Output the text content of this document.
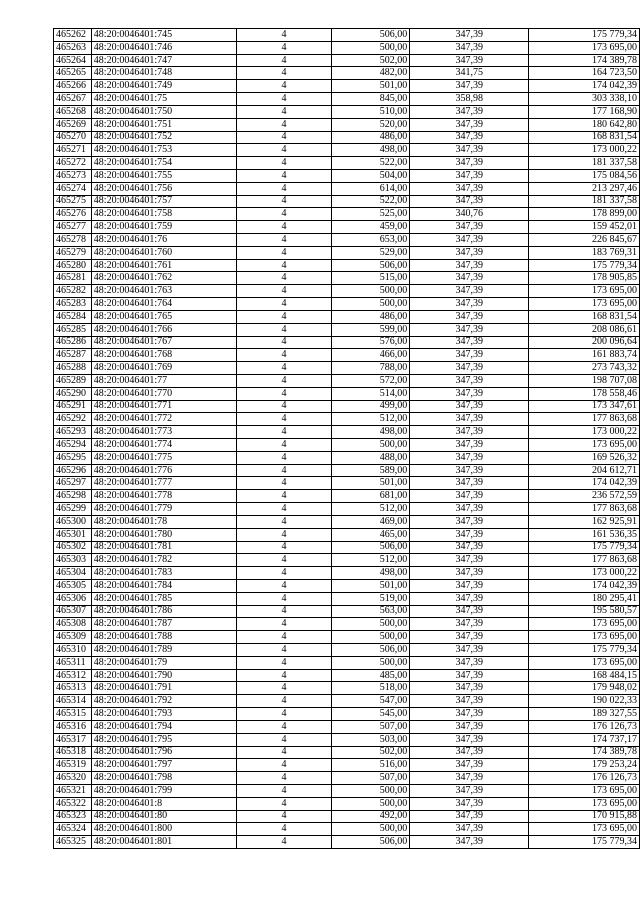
465262	48:20:0046401:745	4	506,00	347,39	175 779,34
465263	48:20:0046401:746	4	500,00	347,39	173 695,00
465264	48:20:0046401:747	4	502,00	347,39	174 389,78
465265	48:20:0046401:748	4	482,00	341,75	164 723,50
465266	48:20:0046401:749	4	501,00	347,39	174 042,39
465267	48:20:0046401:75	4	845,00	358,98	303 338,10
465268	48:20:0046401:750	4	510,00	347,39	177 168,90
465269	48:20:0046401:751	4	520,00	347,39	180 642,80
465270	48:20:0046401:752	4	486,00	347,39	168 831,54
465271	48:20:0046401:753	4	498,00	347,39	173 000,22
465272	48:20:0046401:754	4	522,00	347,39	181 337,58
465273	48:20:0046401:755	4	504,00	347,39	175 084,56
465274	48:20:0046401:756	4	614,00	347,39	213 297,46
465275	48:20:0046401:757	4	522,00	347,39	181 337,58
465276	48:20:0046401:758	4	525,00	340,76	178 899,00
465277	48:20:0046401:759	4	459,00	347,39	159 452,01
465278	48:20:0046401:76	4	653,00	347,39	226 845,67
465279	48:20:0046401:760	4	529,00	347,39	183 769,31
465280	48:20:0046401:761	4	506,00	347,39	175 779,34
465281	48:20:0046401:762	4	515,00	347,39	178 905,85
465282	48:20:0046401:763	4	500,00	347,39	173 695,00
465283	48:20:0046401:764	4	500,00	347,39	173 695,00
465284	48:20:0046401:765	4	486,00	347,39	168 831,54
465285	48:20:0046401:766	4	599,00	347,39	208 086,61
465286	48:20:0046401:767	4	576,00	347,39	200 096,64
465287	48:20:0046401:768	4	466,00	347,39	161 883,74
465288	48:20:0046401:769	4	788,00	347,39	273 743,32
465289	48:20:0046401:77	4	572,00	347,39	198 707,08
465290	48:20:0046401:770	4	514,00	347,39	178 558,46
465291	48:20:0046401:771	4	499,00	347,39	173 347,61
465292	48:20:0046401:772	4	512,00	347,39	177 863,68
465293	48:20:0046401:773	4	498,00	347,39	173 000,22
465294	48:20:0046401:774	4	500,00	347,39	173 695,00
465295	48:20:0046401:775	4	488,00	347,39	169 526,32
465296	48:20:0046401:776	4	589,00	347,39	204 612,71
465297	48:20:0046401:777	4	501,00	347,39	174 042,39
465298	48:20:0046401:778	4	681,00	347,39	236 572,59
465299	48:20:0046401:779	4	512,00	347,39	177 863,68
465300	48:20:0046401:78	4	469,00	347,39	162 925,91
465301	48:20:0046401:780	4	465,00	347,39	161 536,35
465302	48:20:0046401:781	4	506,00	347,39	175 779,34
465303	48:20:0046401:782	4	512,00	347,39	177 863,68
465304	48:20:0046401:783	4	498,00	347,39	173 000,22
465305	48:20:0046401:784	4	501,00	347,39	174 042,39
465306	48:20:0046401:785	4	519,00	347,39	180 295,41
465307	48:20:0046401:786	4	563,00	347,39	195 580,57
465308	48:20:0046401:787	4	500,00	347,39	173 695,00
465309	48:20:0046401:788	4	500,00	347,39	173 695,00
465310	48:20:0046401:789	4	506,00	347,39	175 779,34
465311	48:20:0046401:79	4	500,00	347,39	173 695,00
465312	48:20:0046401:790	4	485,00	347,39	168 484,15
465313	48:20:0046401:791	4	518,00	347,39	179 948,02
465314	48:20:0046401:792	4	547,00	347,39	190 022,33
465315	48:20:0046401:793	4	545,00	347,39	189 327,55
465316	48:20:0046401:794	4	507,00	347,39	176 126,73
465317	48:20:0046401:795	4	503,00	347,39	174 737,17
465318	48:20:0046401:796	4	502,00	347,39	174 389,78
465319	48:20:0046401:797	4	516,00	347,39	179 253,24
465320	48:20:0046401:798	4	507,00	347,39	176 126,73
465321	48:20:0046401:799	4	500,00	347,39	173 695,00
465322	48:20:0046401:8	4	500,00	347,39	173 695,00
465323	48:20:0046401:80	4	492,00	347,39	170 915,88
465324	48:20:0046401:800	4	500,00	347,39	173 695,00
465325	48:20:0046401:801	4	506,00	347,39	175 779,34
